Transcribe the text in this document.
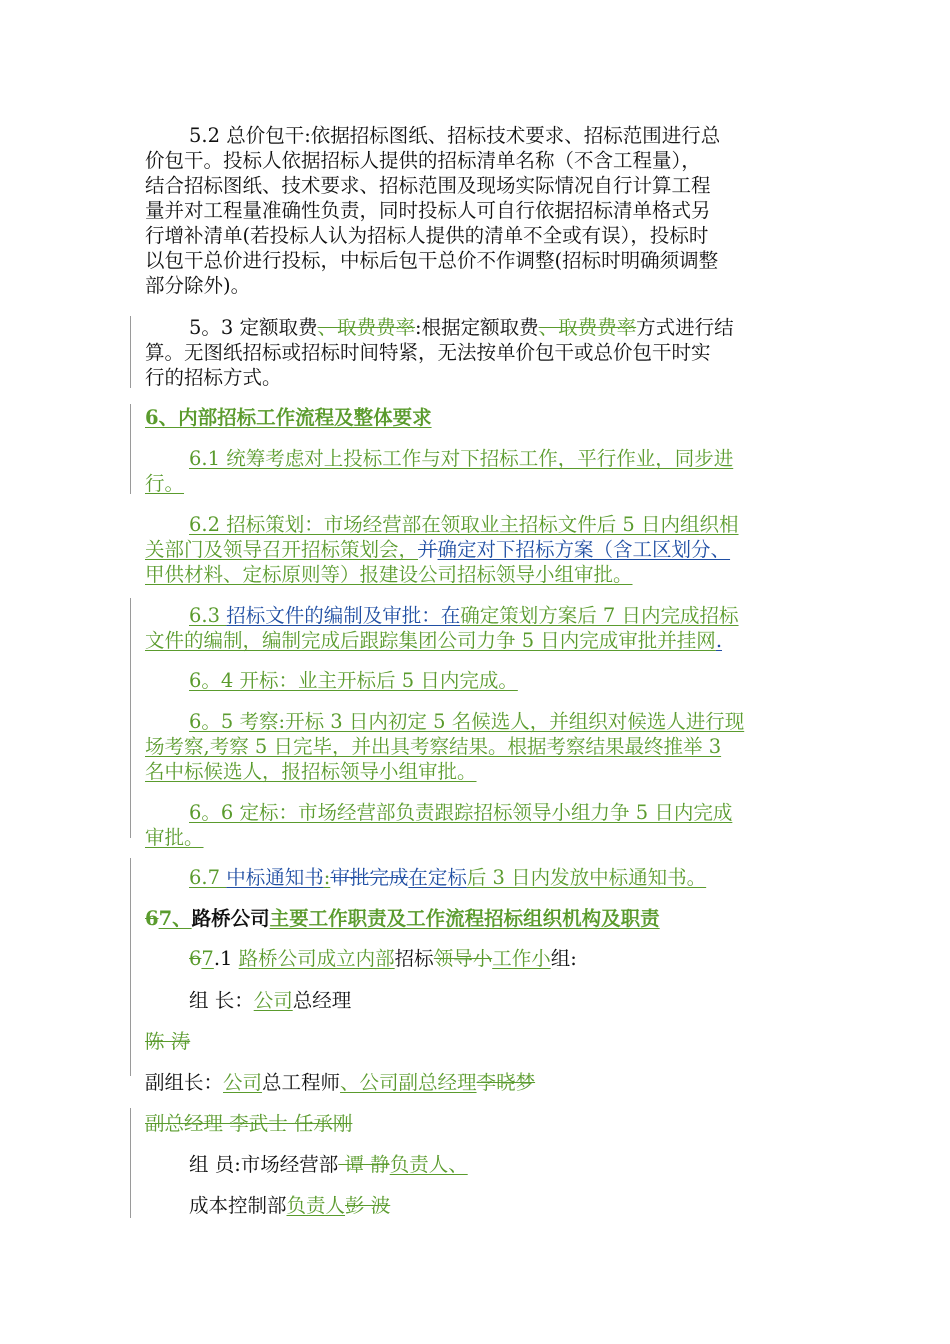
5.2 总价包干:依据招标图纸、招标技术要求、招标范围进行总
价包干。投标人依据招标人提供的招标清单名称（不含工程量），
结合招标图纸、技术要求、招标范围及现场实际情况自行计算工程
量并对工程量准确性负责，同时投标人可自行依据招标清单格式另
行增补清单(若投标人认为招标人提供的清单不全或有误），投标时
以包干总价进行投标，中标后包干总价不作调整(招标时明确须调整
部分除外)。

5。3 定额取费、取费费率:根据定额取费、取费费率方式进行结
算。无图纸招标或招标时间特紧，无法按单价包干或总价包干时实
行的招标方式。

6、内部招标工作流程及整体要求

6.1 统筹考虑对上投标工作与对下招标工作，平行作业，同步进
行。

6.2 招标策划：市场经营部在领取业主招标文件后 5 日内组织相
关部门及领导召开招标策划会，并确定对下招标方案（含工区划分、
甲供材料、定标原则等）报建设公司招标领导小组审批。

6.3 招标文件的编制及审批：在确定策划方案后 7 日内完成招标
文件的编制，编制完成后跟踪集团公司力争 5 日内完成审批并挂网.

6。4 开标：业主开标后 5 日内完成。

6。5 考察:开标 3 日内初定 5 名候选人，并组织对候选人进行现
场考察,考察 5 日完毕，并出具考察结果。根据考察结果最终推举 3
名中标候选人，报招标领导小组审批。

6。6 定标：市场经营部负责跟踪招标领导小组力争 5 日内完成
审批。

6.7 中标通知书:审批完成在定标后 3 日内发放中标通知书。

67、路桥公司主要工作职责及工作流程招标组织机构及职责

67.1 路桥公司成立内部招标领导小工作小组:

组 长：公司总经理

陈 涛

副组长：公司总工程师、公司副总经理李晓梦

副总经理 李武士 任承刚

组 员:市场经营部 谭 静负责人、

成本控制部负责人彭 波
